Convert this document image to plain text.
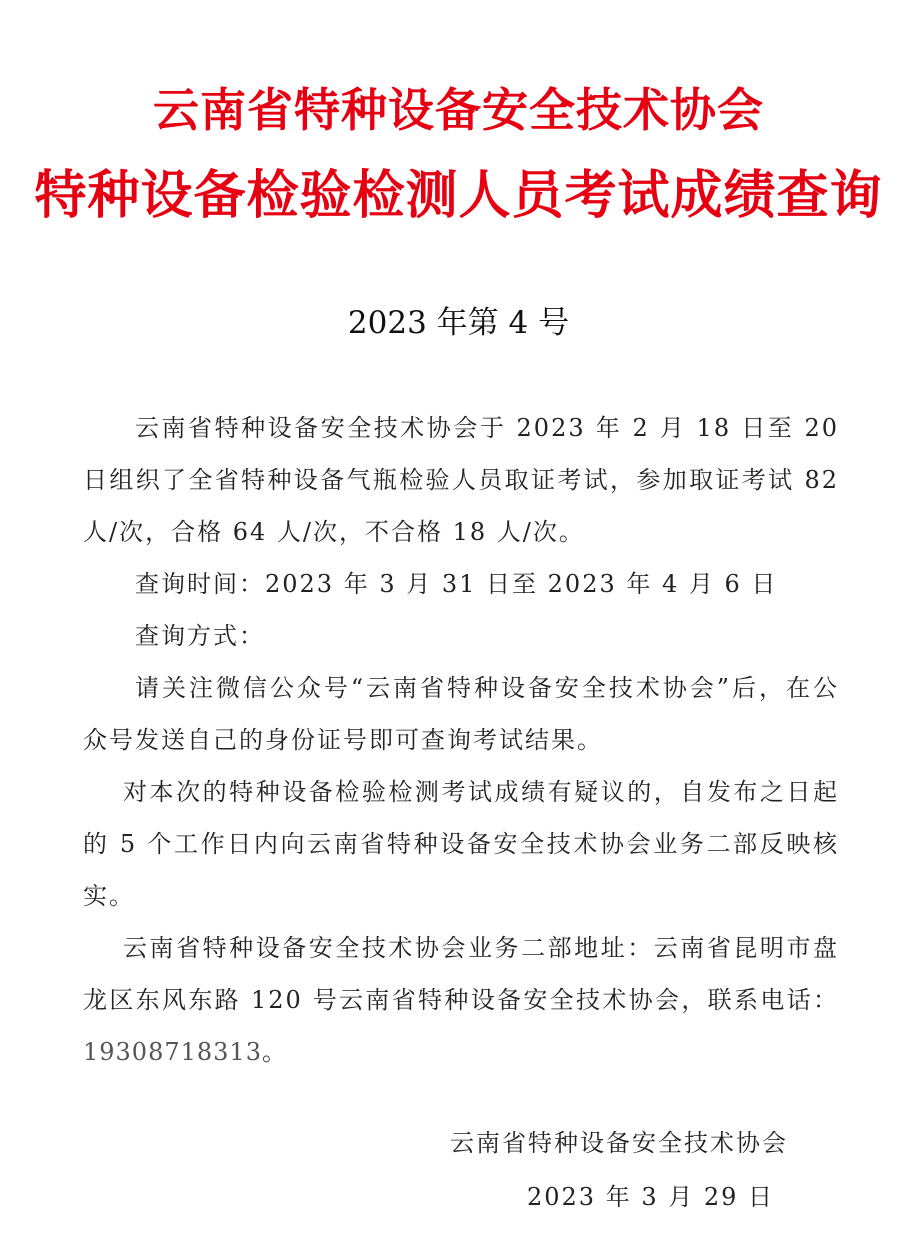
云南省特种设备安全技术协会
特种设备检验检测人员考试成绩查询
2023 年第 4 号

云南省特种设备安全技术协会于 2023 年 2 月 18 日至 20 日组织了全省特种设备气瓶检验人员取证考试，参加取证考试 82 人/次，合格 64 人/次，不合格 18 人/次。

查询时间：2023 年 3 月 31 日至 2023 年 4 月 6 日

查询方式：

请关注微信公众号“云南省特种设备安全技术协会”后，在公众号发送自己的身份证号即可查询考试结果。

对本次的特种设备检验检测考试成绩有疑议的，自发布之日起的 5 个工作日内向云南省特种设备安全技术协会业务二部反映核实。

云南省特种设备安全技术协会业务二部地址：云南省昆明市盘龙区东风东路 120 号云南省特种设备安全技术协会，联系电话：19308718313。

云南省特种设备安全技术协会
2023 年 3 月 29 日
